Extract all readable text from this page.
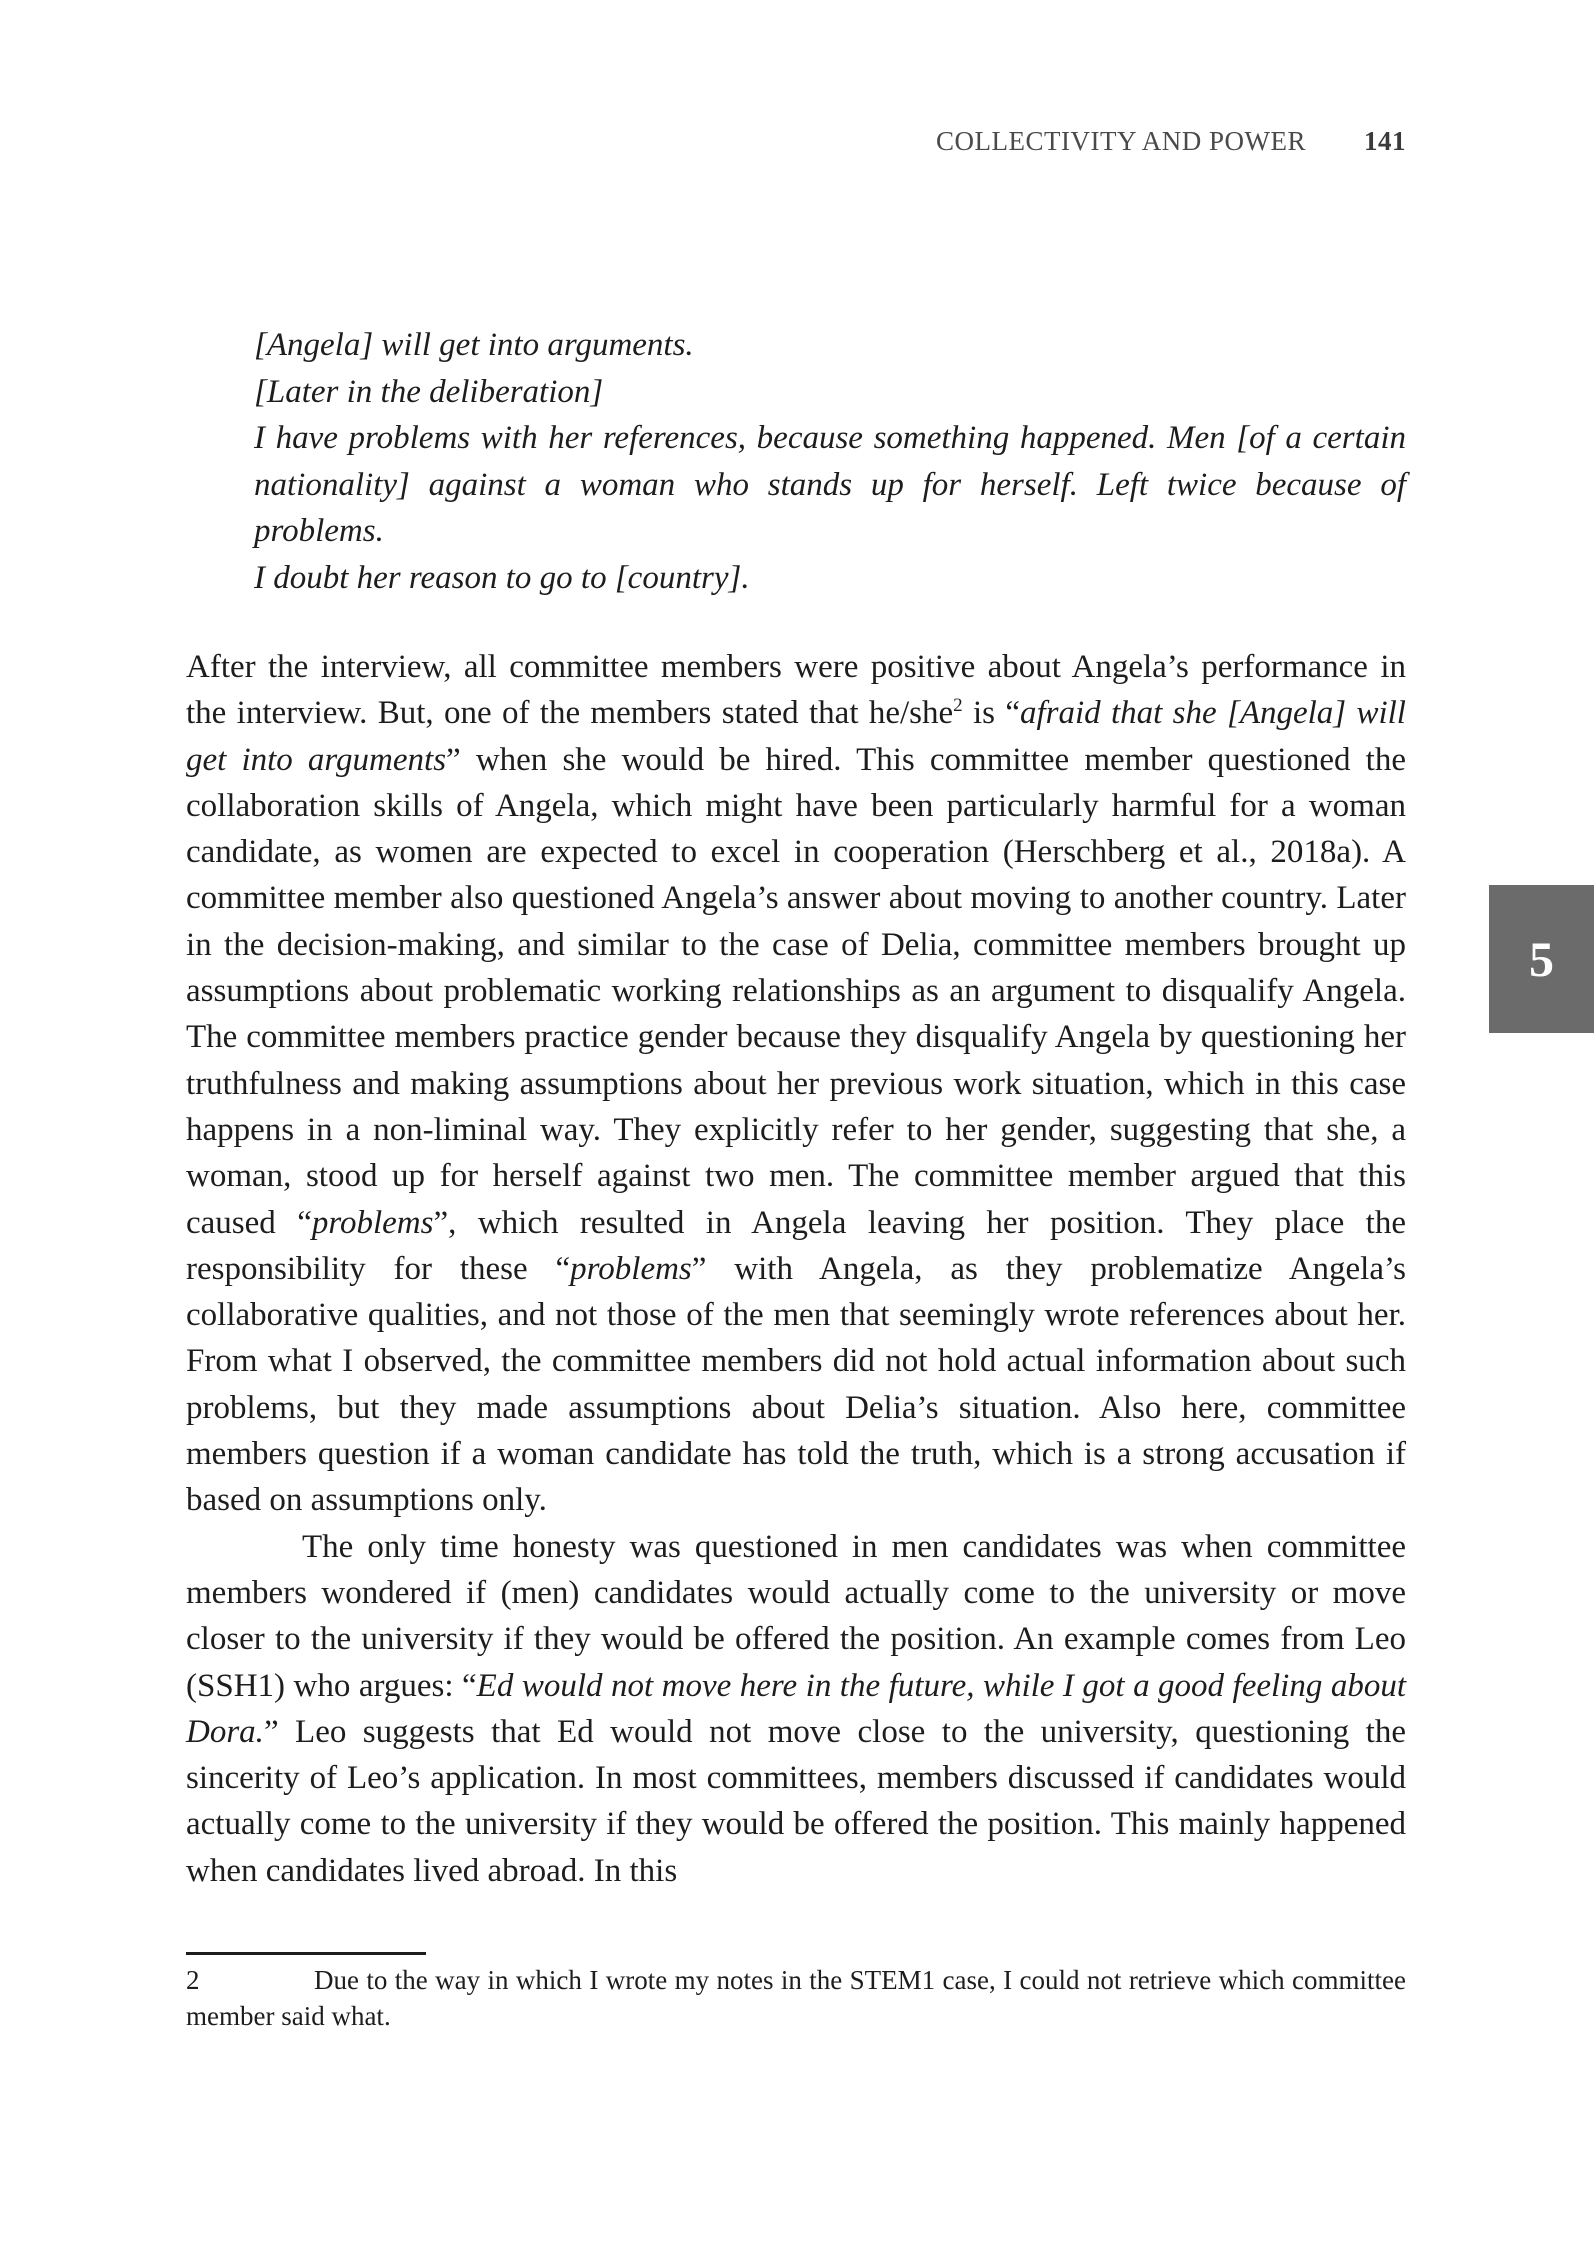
COLLECTIVITY AND POWER 141

[Angela] will get into arguments.

[Later in the deliberation]

I have problems with her references, because something happened. Men [of a certain nationality] against a woman who stands up for herself. Left twice because of problems.

I doubt her reason to go to [country].

After the interview, all committee members were positive about Angela’s performance in the interview. But, one of the members stated that he/she$^2$ is “afraid that she [Angela] will get into arguments” when she would be hired. This committee member questioned the collaboration skills of Angela, which might have been particularly harmful for a woman candidate, as women are expected to excel in cooperation (Herschberg et al., 2018a). A committee member also questioned Angela’s answer about moving to another country. Later in the decision-making, and similar to the case of Delia, committee members brought up assumptions about problematic working relationships as an argument to disqualify Angela. The committee members practice gender because they disqualify Angela by questioning her truthfulness and making assumptions about her previous work situation, which in this case happens in a non-liminal way. They explicitly refer to her gender, suggesting that she, a woman, stood up for herself against two men. The committee member argued that this caused “problems”, which resulted in Angela leaving her position. They place the responsibility for these “problems” with Angela, as they problematize Angela’s collaborative qualities, and not those of the men that seemingly wrote references about her. From what I observed, the committee members did not hold actual information about such problems, but they made assumptions about Delia’s situation. Also here, committee members question if a woman candidate has told the truth, which is a strong accusation if based on assumptions only.

The only time honesty was questioned in men candidates was when committee members wondered if (men) candidates would actually come to the university or move closer to the university if they would be offered the position. An example comes from Leo (SSH1) who argues: “Ed would not move here in the future, while I got a good feeling about Dora.” Leo suggests that Ed would not move close to the university, questioning the sincerity of Leo’s application. In most committees, members discussed if candidates would actually come to the university if they would be offered the position. This mainly happened when candidates lived abroad. In this

2	Due to the way in which I wrote my notes in the STEM1 case, I could not retrieve which committee member said what.
5
